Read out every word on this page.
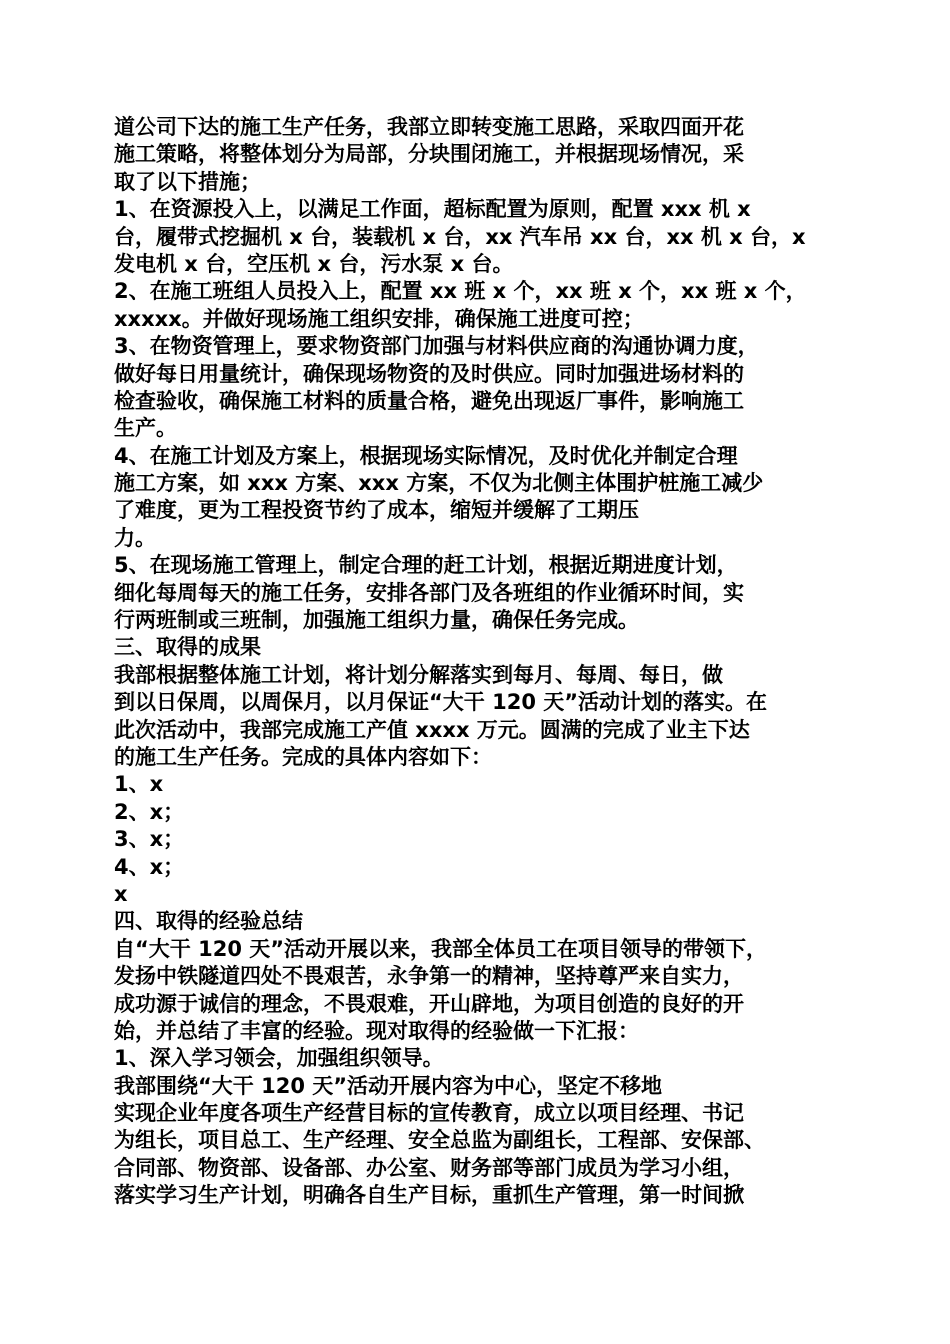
道公司下达的施工生产任务，我部立即转变施工思路，采取四面开花
施工策略，将整体划分为局部，分块围闭施工，并根据现场情况，采
取了以下措施；
1、在资源投入上，以满足工作面，超标配置为原则，配置 xxx 机 x
台，履带式挖掘机 x 台，装载机 x 台，xx 汽车吊 xx 台，xx 机 x 台，x
发电机 x 台，空压机 x 台，污水泵 x 台。
2、在施工班组人员投入上，配置 xx 班 x 个，xx 班 x 个，xx 班 x 个，
xxxxx。并做好现场施工组织安排，确保施工进度可控；
3、在物资管理上，要求物资部门加强与材料供应商的沟通协调力度，
做好每日用量统计，确保现场物资的及时供应。同时加强进场材料的
检查验收，确保施工材料的质量合格，避免出现返厂事件，影响施工
生产。
4、在施工计划及方案上，根据现场实际情况，及时优化并制定合理
施工方案，如 xxx 方案、xxx 方案，不仅为北侧主体围护桩施工减少
了难度，更为工程投资节约了成本，缩短并缓解了工期压
力。
5、在现场施工管理上，制定合理的赶工计划，根据近期进度计划，
细化每周每天的施工任务，安排各部门及各班组的作业循环时间，实
行两班制或三班制，加强施工组织力量，确保任务完成。
三、取得的成果
我部根据整体施工计划，将计划分解落实到每月、每周、每日，做
到以日保周，以周保月，以月保证“大干 120 天”活动计划的落实。在
此次活动中，我部完成施工产值 xxxx 万元。圆满的完成了业主下达
的施工生产任务。完成的具体内容如下：
1、x
2、x；
3、x；
4、x；
x
四、取得的经验总结
自“大干 120 天”活动开展以来，我部全体员工在项目领导的带领下，
发扬中铁隧道四处不畏艰苦，永争第一的精神，坚持尊严来自实力，
成功源于诚信的理念，不畏艰难，开山辟地，为项目创造的良好的开
始，并总结了丰富的经验。现对取得的经验做一下汇报：
1、深入学习领会，加强组织领导。
我部围绕“大干 120 天”活动开展内容为中心，坚定不移地
实现企业年度各项生产经营目标的宣传教育，成立以项目经理、书记
为组长，项目总工、生产经理、安全总监为副组长，工程部、安保部、
合同部、物资部、设备部、办公室、财务部等部门成员为学习小组，
落实学习生产计划，明确各自生产目标，重抓生产管理，第一时间掀
